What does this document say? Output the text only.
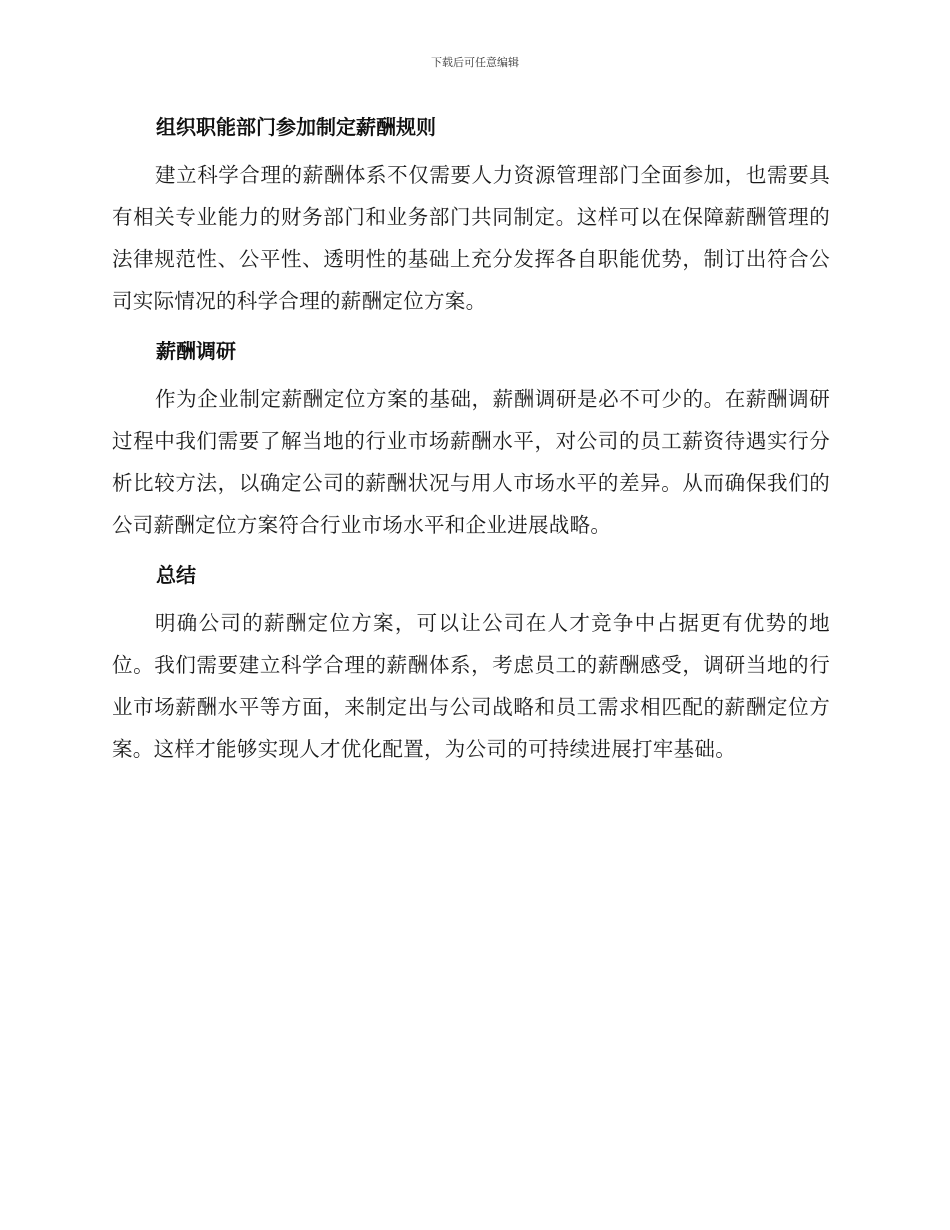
下载后可任意编辑
组织职能部门参加制定薪酬规则

建立科学合理的薪酬体系不仅需要人力资源管理部门全面参加，也需要具有相关专业能力的财务部门和业务部门共同制定。这样可以在保障薪酬管理的法律规范性、公平性、透明性的基础上充分发挥各自职能优势，制订出符合公司实际情况的科学合理的薪酬定位方案。

薪酬调研

作为企业制定薪酬定位方案的基础，薪酬调研是必不可少的。在薪酬调研过程中我们需要了解当地的行业市场薪酬水平，对公司的员工薪资待遇实行分析比较方法，以确定公司的薪酬状况与用人市场水平的差异。从而确保我们的公司薪酬定位方案符合行业市场水平和企业进展战略。

总结

明确公司的薪酬定位方案，可以让公司在人才竞争中占据更有优势的地位。我们需要建立科学合理的薪酬体系，考虑员工的薪酬感受，调研当地的行业市场薪酬水平等方面，来制定出与公司战略和员工需求相匹配的薪酬定位方案。这样才能够实现人才优化配置，为公司的可持续进展打牢基础。
